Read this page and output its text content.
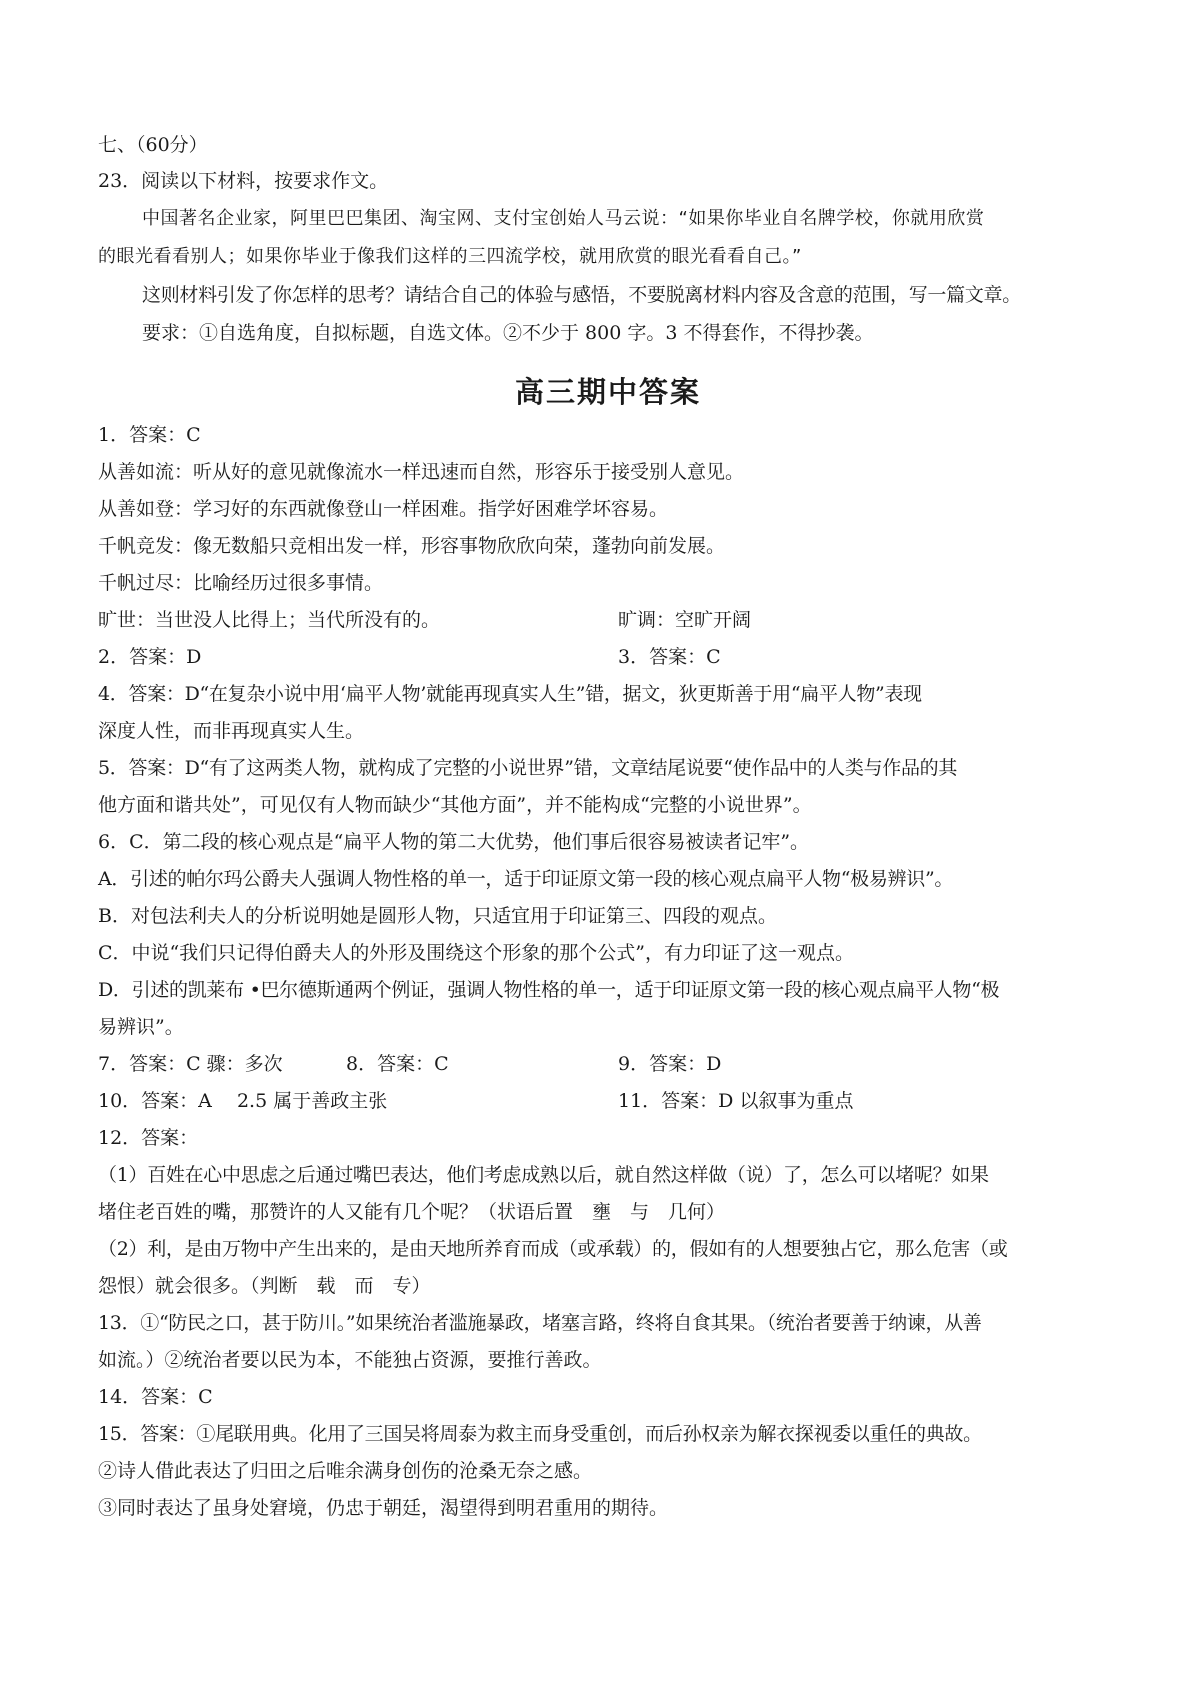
七、（60分）
23．阅读以下材料，按要求作文。
中国著名企业家，阿里巴巴集团、淘宝网、支付宝创始人马云说：“如果你毕业自名牌学校，你就用欣赏
的眼光看看别人；如果你毕业于像我们这样的三四流学校，就用欣赏的眼光看看自己。”
这则材料引发了你怎样的思考？请结合自己的体验与感悟，不要脱离材料内容及含意的范围，写一篇文章。
要求：①自选角度，自拟标题，自选文体。②不少于 800 字。3 不得套作，不得抄袭。
高三期中答案
1．答案：C
从善如流：听从好的意见就像流水一样迅速而自然，形容乐于接受别人意见。
从善如登：学习好的东西就像登山一样困难。指学好困难学坏容易。
千帆竞发：像无数船只竞相出发一样，形容事物欣欣向荣，蓬勃向前发展。
千帆过尽：比喻经历过很多事情。
旷世：当世没人比得上；当代所没有的。	旷调：空旷开阔
2．答案：D	3．答案：C
4．答案：D“在复杂小说中用‘扁平人物’就能再现真实人生”错，据文，狄更斯善于用“扁平人物”表现
深度人性，而非再现真实人生。
5．答案：D“有了这两类人物，就构成了完整的小说世界”错，文章结尾说要“使作品中的人类与作品的其
他方面和谐共处”，可见仅有人物而缺少“其他方面”，并不能构成“完整的小说世界”。
6．C．第二段的核心观点是“扁平人物的第二大优势，他们事后很容易被读者记牢”。
A．引述的帕尔玛公爵夫人强调人物性格的单一，适于印证原文第一段的核心观点扁平人物“极易辨识”。
B．对包法利夫人的分析说明她是圆形人物，只适宜用于印证第三、四段的观点。
C．中说“我们只记得伯爵夫人的外形及围绕这个形象的那个公式”，有力印证了这一观点。
D．引述的凯莱布 •巴尔德斯通两个例证，强调人物性格的单一，适于印证原文第一段的核心观点扁平人物“极
易辨识”。
7．答案：C 骤：多次	8．答案：C	9．答案：D
10．答案：A　 2.5 属于善政主张	11．答案：D 以叙事为重点
12．答案：
（1）百姓在心中思虑之后通过嘴巴表达，他们考虑成熟以后，就自然这样做（说）了，怎么可以堵呢？如果
堵住老百姓的嘴，那赞许的人又能有几个呢？（状语后置　壅　与　几何）
（2）利，是由万物中产生出来的，是由天地所养育而成（或承载）的，假如有的人想要独占它，那么危害（或
怨恨）就会很多。（判断　载　而　专）
13．①“防民之口，甚于防川。”如果统治者滥施暴政，堵塞言路，终将自食其果。（统治者要善于纳谏，从善
如流。）②统治者要以民为本，不能独占资源，要推行善政。
14．答案：C
15．答案：①尾联用典。化用了三国吴将周泰为救主而身受重创，而后孙权亲为解衣探视委以重任的典故。
②诗人借此表达了归田之后唯余满身创伤的沧桑无奈之感。
③同时表达了虽身处窘境，仍忠于朝廷，渴望得到明君重用的期待。
